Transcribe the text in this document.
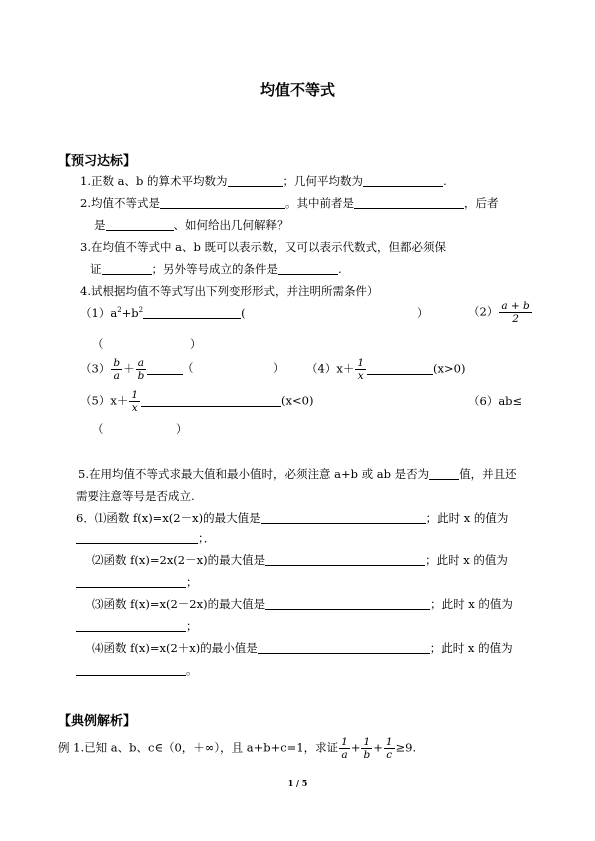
均值不等式
【预习达标】
1.正数 a、b 的算术平均数为	；几何平均数为	.
2.均值不等式是	。其中前者是	，后者
是	、如何给出几何解释？
3.在均值不等式中 a、b 既可以表示数，又可以表示代数式，但都必须保
证	；另外等号成立的条件是	.
4.试根据均值不等式写出下列变形形式，并注明所需条件）
$(1)a^2+b^2$	(	）	$(2) \frac{a + b}{2}$
（	）
$(3) \frac{b}{a} + \frac{a}{b}$	（	） $(4)x+ \frac{1}{x}$	(x>0)
$(5)x+ \frac{1}{x}$	(x<0)	（6）ab≤
（	）
5.在用均值不等式求最大值和最小值时，必须注意 a+b 或 ab 是否为	值，并且还
需要注意等号是否成立.
6．⑴函数 f(x)=x(2－x)的最大值是	；此时 x 的值为
；．
⑵函数 f(x)=2x(2－x)的最大值是	；此时 x 的值为
；
⑶函数 f(x)=x(2－2x)的最大值是	；此时 x 的值为
；
⑷函数 f(x)=x(2＋x)的最小值是	；此时 x 的值为
。
【典例解析】
例 1.已知 a、b、c∈（0，＋∞），且 a+b+c=1，求证 $\frac{1}{a} + \frac{1}{b} + \frac{1}{c} \ge 9$.
1 / 5
